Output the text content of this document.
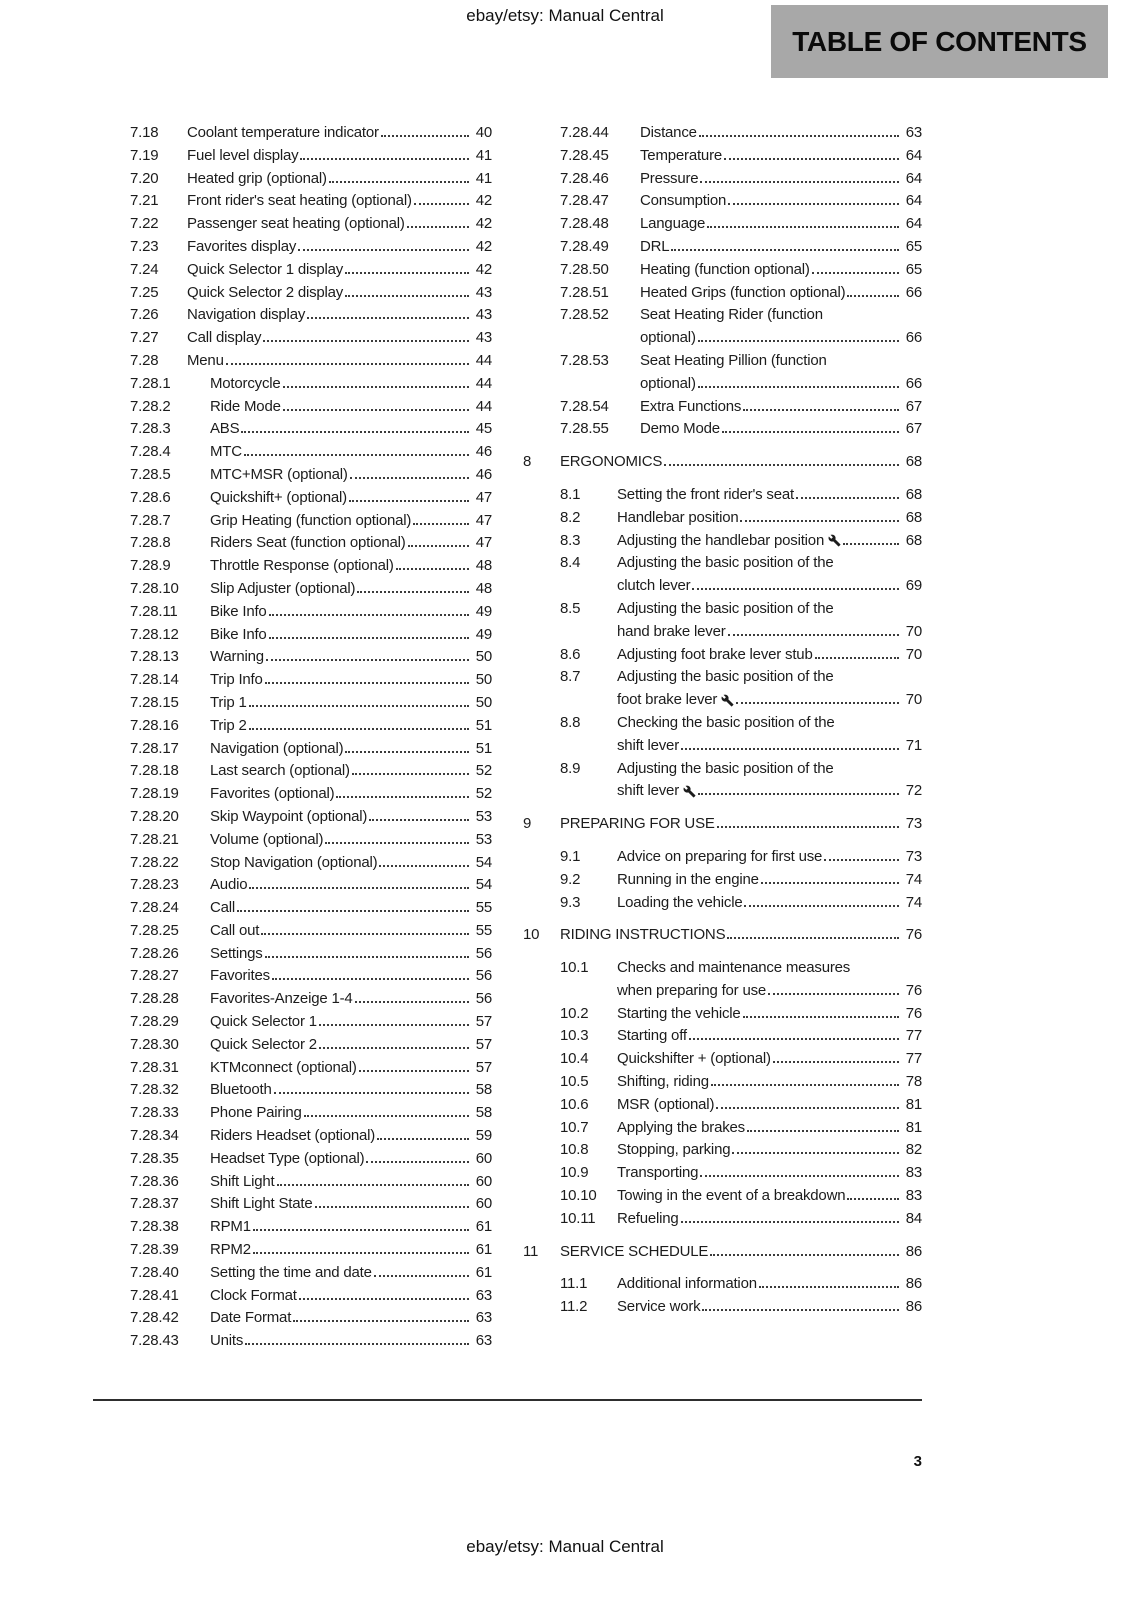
ebay/etsy: Manual Central
TABLE OF CONTENTS
7.18	Coolant temperature indicator	40
7.19	Fuel level display	41
7.20	Heated grip (optional)	41
7.21	Front rider's seat heating (optional)	42
7.22	Passenger seat heating (optional)	42
7.23	Favorites display	42
7.24	Quick Selector 1 display	42
7.25	Quick Selector 2 display	43
7.26	Navigation display	43
7.27	Call display	43
7.28	Menu	44
7.28.1	Motorcycle	44
7.28.2	Ride Mode	44
7.28.3	ABS	45
7.28.4	MTC	46
7.28.5	MTC+MSR (optional)	46
7.28.6	Quickshift+ (optional)	47
7.28.7	Grip Heating (function optional)	47
7.28.8	Riders Seat (function optional)	47
7.28.9	Throttle Response (optional)	48
7.28.10	Slip Adjuster (optional)	48
7.28.11	Bike Info	49
7.28.12	Bike Info	49
7.28.13	Warning	50
7.28.14	Trip Info	50
7.28.15	Trip 1	50
7.28.16	Trip 2	51
7.28.17	Navigation (optional)	51
7.28.18	Last search (optional)	52
7.28.19	Favorites (optional)	52
7.28.20	Skip Waypoint (optional)	53
7.28.21	Volume (optional)	53
7.28.22	Stop Navigation (optional)	54
7.28.23	Audio	54
7.28.24	Call	55
7.28.25	Call out	55
7.28.26	Settings	56
7.28.27	Favorites	56
7.28.28	Favorites-Anzeige 1-4	56
7.28.29	Quick Selector 1	57
7.28.30	Quick Selector 2	57
7.28.31	KTMconnect (optional)	57
7.28.32	Bluetooth	58
7.28.33	Phone Pairing	58
7.28.34	Riders Headset (optional)	59
7.28.35	Headset Type (optional)	60
7.28.36	Shift Light	60
7.28.37	Shift Light State	60
7.28.38	RPM1	61
7.28.39	RPM2	61
7.28.40	Setting the time and date	61
7.28.41	Clock Format	63
7.28.42	Date Format	63
7.28.43	Units	63
7.28.44	Distance	63
7.28.45	Temperature	64
7.28.46	Pressure	64
7.28.47	Consumption	64
7.28.48	Language	64
7.28.49	DRL	65
7.28.50	Heating (function optional)	65
7.28.51	Heated Grips (function optional)	66
7.28.52	Seat Heating Rider (function
optional)	66
7.28.53	Seat Heating Pillion (function
optional)	66
7.28.54	Extra Functions	67
7.28.55	Demo Mode	67
8	ERGONOMICS	68
8.1	Setting the front rider's seat	68
8.2	Handlebar position	68
8.3	Adjusting the handlebar position	68
8.4	Adjusting the basic position of the
clutch lever	69
8.5	Adjusting the basic position of the
hand brake lever	70
8.6	Adjusting foot brake lever stub	70
8.7	Adjusting the basic position of the
foot brake lever	70
8.8	Checking the basic position of the
shift lever	71
8.9	Adjusting the basic position of the
shift lever	72
9	PREPARING FOR USE	73
9.1	Advice on preparing for first use	73
9.2	Running in the engine	74
9.3	Loading the vehicle	74
10	RIDING INSTRUCTIONS	76
10.1	Checks and maintenance measures
when preparing for use	76
10.2	Starting the vehicle	76
10.3	Starting off	77
10.4	Quickshifter + (optional)	77
10.5	Shifting, riding	78
10.6	MSR (optional)	81
10.7	Applying the brakes	81
10.8	Stopping, parking	82
10.9	Transporting	83
10.10	Towing in the event of a breakdown	83
10.11	Refueling	84
11	SERVICE SCHEDULE	86
11.1	Additional information	86
11.2	Service work	86
3
ebay/etsy: Manual Central
